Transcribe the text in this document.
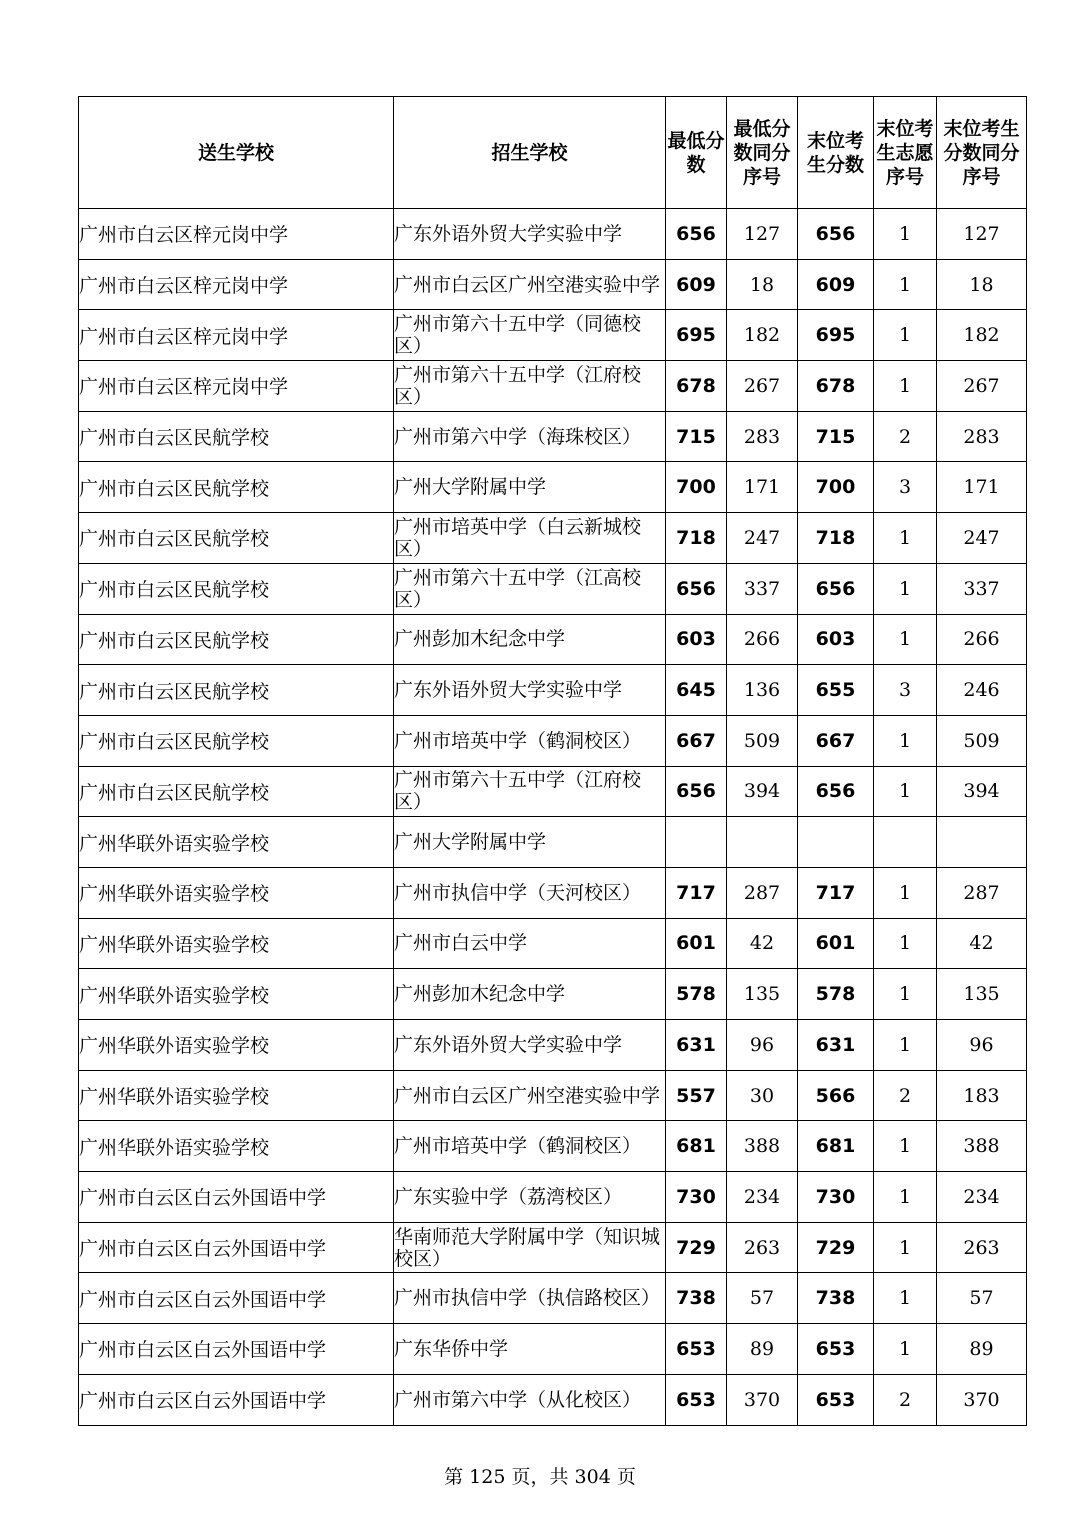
送生学校	招生学校	最低分数	最低分数同分序号	末位考生分数	末位考生志愿序号	末位考生分数同分序号
广州市白云区梓元岗中学	广东外语外贸大学实验中学	656	127	656	1	127
广州市白云区梓元岗中学	广州市白云区广州空港实验中学	609	18	609	1	18
广州市白云区梓元岗中学	广州市第六十五中学（同德校区）	695	182	695	1	182
广州市白云区梓元岗中学	广州市第六十五中学（江府校区）	678	267	678	1	267
广州市白云区民航学校	广州市第六中学（海珠校区）	715	283	715	2	283
广州市白云区民航学校	广州大学附属中学	700	171	700	3	171
广州市白云区民航学校	广州市培英中学（白云新城校区）	718	247	718	1	247
广州市白云区民航学校	广州市第六十五中学（江高校区）	656	337	656	1	337
广州市白云区民航学校	广州彭加木纪念中学	603	266	603	1	266
广州市白云区民航学校	广东外语外贸大学实验中学	645	136	655	3	246
广州市白云区民航学校	广州市培英中学（鹤洞校区）	667	509	667	1	509
广州市白云区民航学校	广州市第六十五中学（江府校区）	656	394	656	1	394
广州华联外语实验学校	广州大学附属中学					
广州华联外语实验学校	广州市执信中学（天河校区）	717	287	717	1	287
广州华联外语实验学校	广州市白云中学	601	42	601	1	42
广州华联外语实验学校	广州彭加木纪念中学	578	135	578	1	135
广州华联外语实验学校	广东外语外贸大学实验中学	631	96	631	1	96
广州华联外语实验学校	广州市白云区广州空港实验中学	557	30	566	2	183
广州华联外语实验学校	广州市培英中学（鹤洞校区）	681	388	681	1	388
广州市白云区白云外国语中学	广东实验中学（荔湾校区）	730	234	730	1	234
广州市白云区白云外国语中学	华南师范大学附属中学（知识城校区）	729	263	729	1	263
广州市白云区白云外国语中学	广州市执信中学（执信路校区）	738	57	738	1	57
广州市白云区白云外国语中学	广东华侨中学	653	89	653	1	89
广州市白云区白云外国语中学	广州市第六中学（从化校区）	653	370	653	2	370
第 125 页，共 304 页
